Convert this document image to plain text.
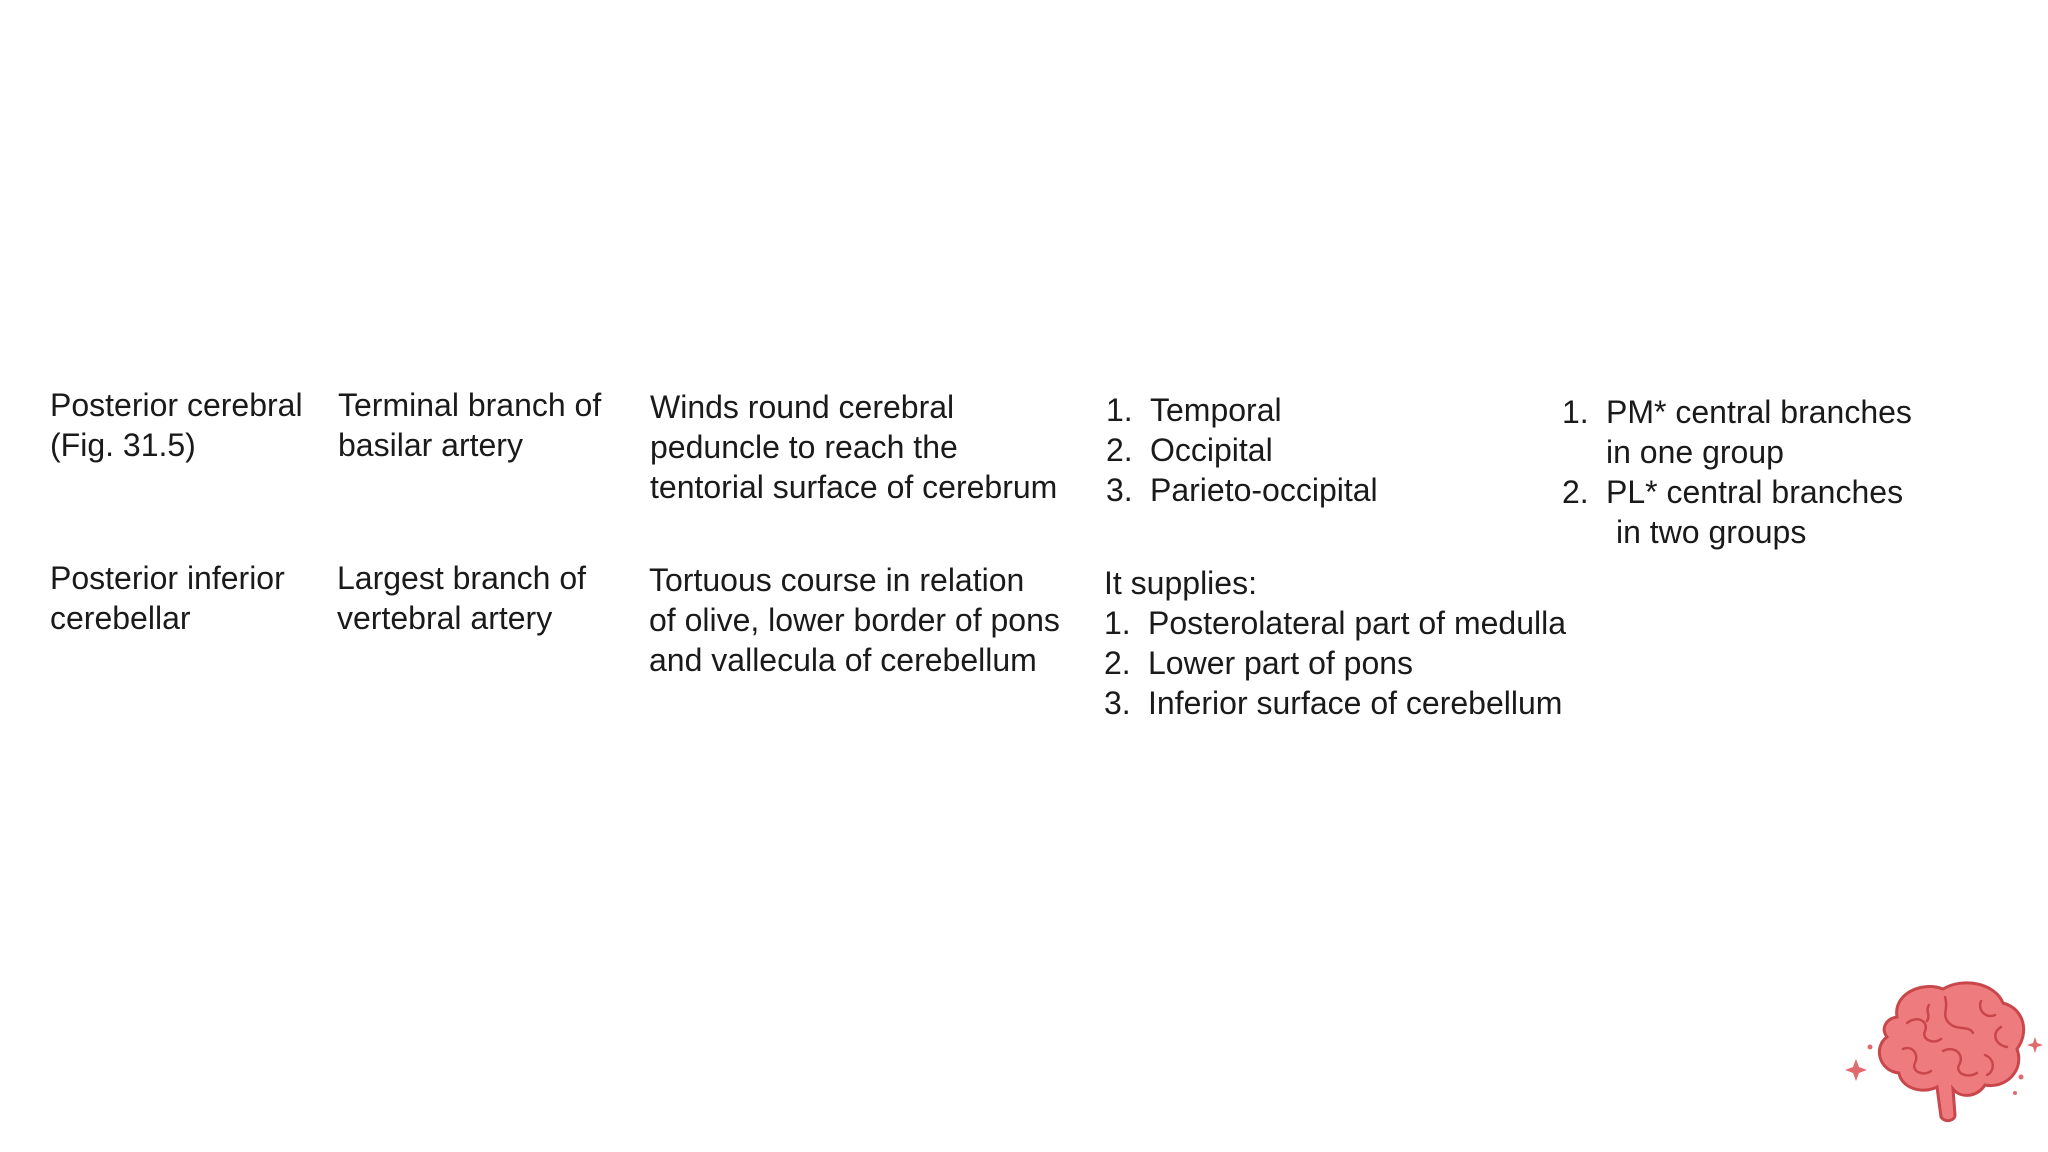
Posterior cerebral
(Fig. 31.5)
Terminal branch of
basilar artery
Winds round cerebral
peduncle to reach the
tentorial surface of cerebrum
1. Temporal
2. Occipital
3. Parieto-occipital
1. PM* central branches
in one group
2. PL* central branches
in two groups
Posterior inferior
cerebellar
Largest branch of
vertebral artery
Tortuous course in relation
of olive, lower border of pons
and vallecula of cerebellum
It supplies:
1. Posterolateral part of medulla
2. Lower part of pons
3. Inferior surface of cerebellum
